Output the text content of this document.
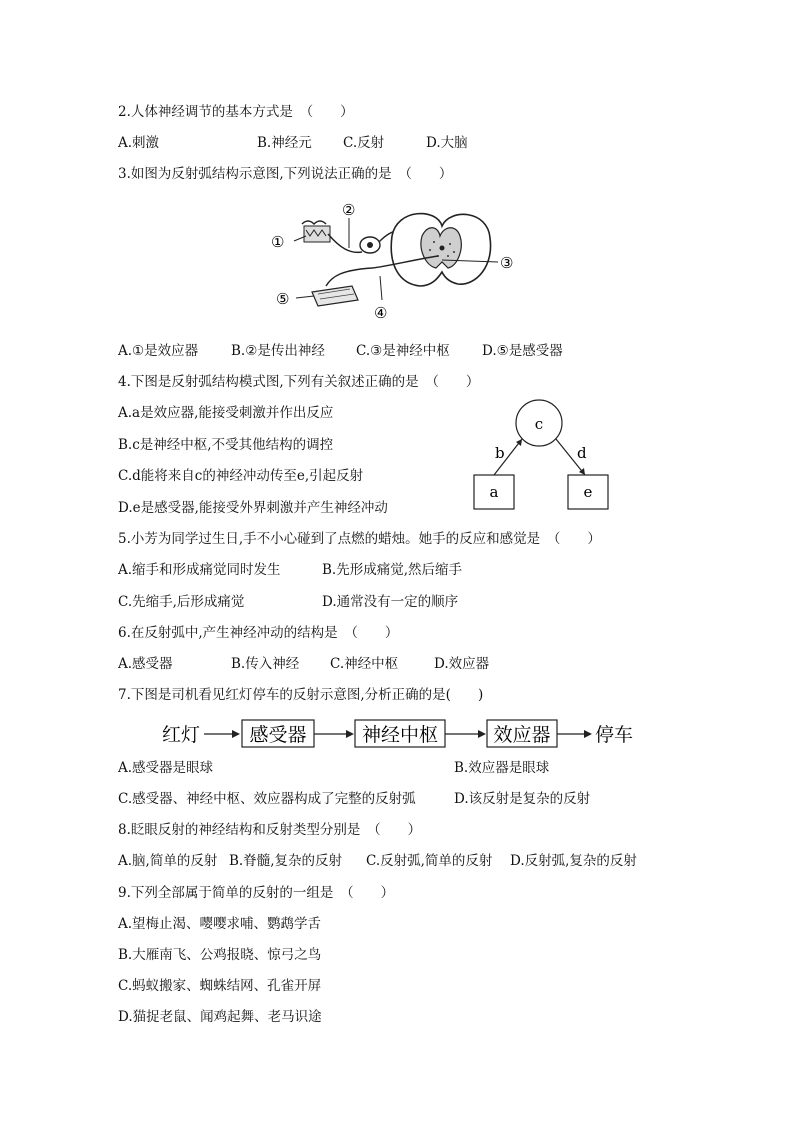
2.人体神经调节的基本方式是　（　　）
A.刺激	B.神经元 C.反射	D.大脑
3.如图为反射弧结构示意图,下列说法正确的是　（　　）
①
②
③
④
⑤
A.①是效应器 B.②是传出神经 C.③是神经中枢 D.⑤是感受器
4.下图是反射弧结构模式图,下列有关叙述正确的是　（　　）
A.a是效应器,能接受刺激并作出反应
B.c是神经中枢,不受其他结构的调控
C.d能将来自c的神经冲动传至e,引起反射
D.e是感受器,能接受外界刺激并产生神经冲动
c
a	e
b	d
5.小芳为同学过生日,手不小心碰到了点燃的蜡烛。她手的反应和感觉是　（　　）
A.缩手和形成痛觉同时发生	B.先形成痛觉,然后缩手
C.先缩手,后形成痛觉	D.通常没有一定的顺序
6.在反射弧中,产生神经冲动的结构是　（　　）
A.感受器	B.传入神经 C.神经中枢	D.效应器
7.下图是司机看见红灯停车的反射示意图,分析正确的是(　　)
红灯	感受器	神经中枢	效应器 停车
A.感受器是眼球	B.效应器是眼球
C.感受器、神经中枢、效应器构成了完整的反射弧	D.该反射是复杂的反射
8.眨眼反射的神经结构和反射类型分别是　（　　）
A.脑,简单的反射 B.脊髓,复杂的反射 C.反射弧,简单的反射 D.反射弧,复杂的反射
9.下列全部属于简单的反射的一组是　（　　）
A.望梅止渴、嘤嘤求哺、鹦鹉学舌
B.大雁南飞、公鸡报晓、惊弓之鸟
C.蚂蚁搬家、蜘蛛结网、孔雀开屏
D.猫捉老鼠、闻鸡起舞、老马识途
